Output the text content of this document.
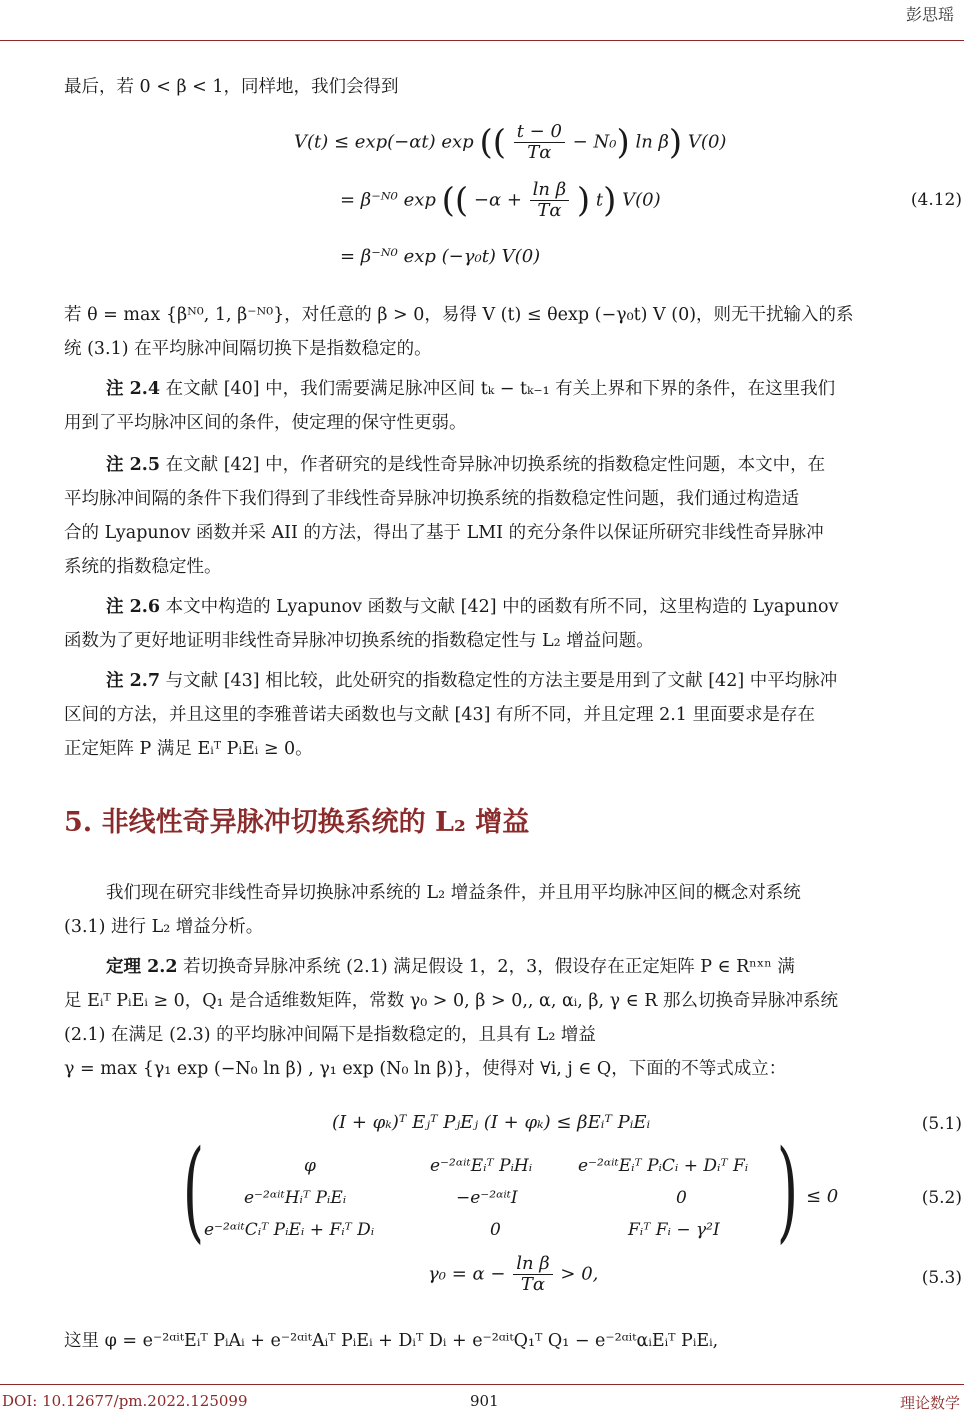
彭思瑶
最后，若 0 < β < 1，同样地，我们会得到
V(t) ≤ exp(−αt) exp (( $\frac{t - 0}{T\alpha} - N_0$) ln β) V(0)
= β⁻ᴺ⁰ exp (( $-\alpha + \frac{\text{ln β}}{T\alpha}$ ) t) V(0)
= β⁻ᴺ⁰ exp (−γ₀t) V(0)
(4.12)
若 θ = max {βᴺ⁰, 1, β⁻ᴺ⁰}，对任意的 β > 0，易得 V (t) ≤ θexp (−γ₀t) V (0)，则无干扰输入的系
统 (3.1) 在平均脉冲间隔切换下是指数稳定的。
注 2.4 在文献 [40] 中，我们需要满足脉冲区间 tₖ − tₖ₋₁ 有关上界和下界的条件，在这里我们
用到了平均脉冲区间的条件，使定理的保守性更弱。
注 2.5 在文献 [42] 中，作者研究的是线性奇异脉冲切换系统的指数稳定性问题，本文中，在
平均脉冲间隔的条件下我们得到了非线性奇异脉冲切换系统的指数稳定性问题，我们通过构造适
合的 Lyapunov 函数并采 AII 的方法，得出了基于 LMI 的充分条件以保证所研究非线性奇异脉冲
系统的指数稳定性。
注 2.6 本文中构造的 Lyapunov 函数与文献 [42] 中的函数有所不同，这里构造的 Lyapunov
函数为了更好地证明非线性奇异脉冲切换系统的指数稳定性与 L₂ 增益问题。
注 2.7 与文献 [43] 相比较，此处研究的指数稳定性的方法主要是用到了文献 [42] 中平均脉冲
区间的方法，并且这里的李雅普诺夫函数也与文献 [43] 有所不同，并且定理 2.1 里面要求是存在
正定矩阵 P 满足 Eᵢᵀ PᵢEᵢ ≥ 0。
5. 非线性奇异脉冲切换系统的 L₂ 增益
我们现在研究非线性奇异切换脉冲系统的 L₂ 增益条件，并且用平均脉冲区间的概念对系统
(3.1) 进行 L₂ 增益分析。
定理 2.2 若切换奇异脉冲系统 (2.1) 满足假设 1，2，3，假设存在正定矩阵 P ∈ Rⁿˣⁿ 满
足 Eᵢᵀ PᵢEᵢ ≥ 0，Q₁ 是合适维数矩阵，常数 γ₀ > 0, β > 0,, α, αᵢ, β, γ ∈ R 那么切换奇异脉冲系统
(2.1) 在满足 (2.3) 的平均脉冲间隔下是指数稳定的，且具有 L₂ 增益
γ = max {γ₁ exp (−N₀ ln β) , γ₁ exp (N₀ ln β)}，使得对 ∀i, j ∈ Q，下面的不等式成立：
(I + φₖ)ᵀ Eⱼᵀ PⱼEⱼ (I + φₖ) ≤ βEᵢᵀ PᵢEᵢ	(5.1)
(	)
φ	e⁻²ᵅⁱᵗEᵢᵀ PᵢHᵢ	e⁻²ᵅⁱᵗEᵢᵀ PᵢCᵢ + Dᵢᵀ Fᵢ
e⁻²ᵅⁱᵗHᵢᵀ PᵢEᵢ	−e⁻²ᵅⁱᵗI	0
e⁻²ᵅⁱᵗCᵢᵀ PᵢEᵢ + Fᵢᵀ Dᵢ	0	Fᵢᵀ Fᵢ − γ²I
≤ 0	(5.2)
$\gamma_0 = \alpha - \frac{\text{ln β}}{T\alpha} > 0$,	(5.3)
这里 φ = e⁻²ᵅⁱᵗEᵢᵀ PᵢAᵢ + e⁻²ᵅⁱᵗAᵢᵀ PᵢEᵢ + Dᵢᵀ Dᵢ + e⁻²ᵅⁱᵗQ₁ᵀ Q₁ − e⁻²ᵅⁱᵗαᵢEᵢᵀ PᵢEᵢ,
DOI: 10.12677/pm.2022.125099	901	理论数学
